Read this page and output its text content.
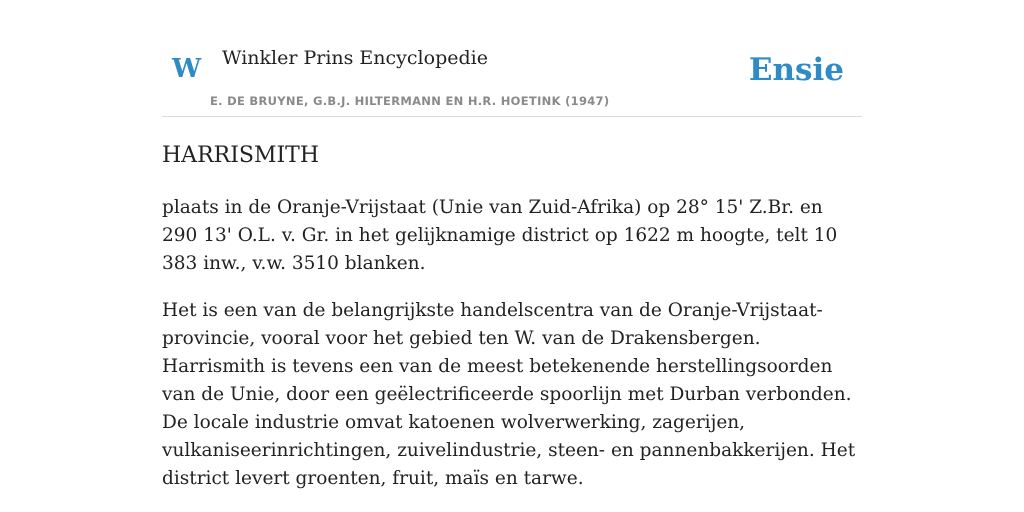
W Winkler Prins Encyclopedie
E. DE BRUYNE, G.B.J. HILTERMANN EN H.R. HOETINK (1947)
Ensie
HARRISMITH

plaats in de Oranje-Vrijstaat (Unie van Zuid-Afrika) op 28° 15' Z.Br. en 290 13' O.L. v. Gr. in het gelijknamige district op 1622 m hoogte, telt 10 383 inw., v.w. 3510 blanken.

Het is een van de belangrijkste handelscentra van de Oranje-Vrijstaat-provincie, vooral voor het gebied ten W. van de Drakensbergen. Harrismith is tevens een van de meest betekenende herstellingsoorden van de Unie, door een geëlectrificeerde spoorlijn met Durban verbonden. De locale industrie omvat katoenen wolverwerking, zagerijen, vulkaniseerinrichtingen, zuivelindustrie, steen- en pannenbakkerijen. Het district levert groenten, fruit, maïs en tarwe.
